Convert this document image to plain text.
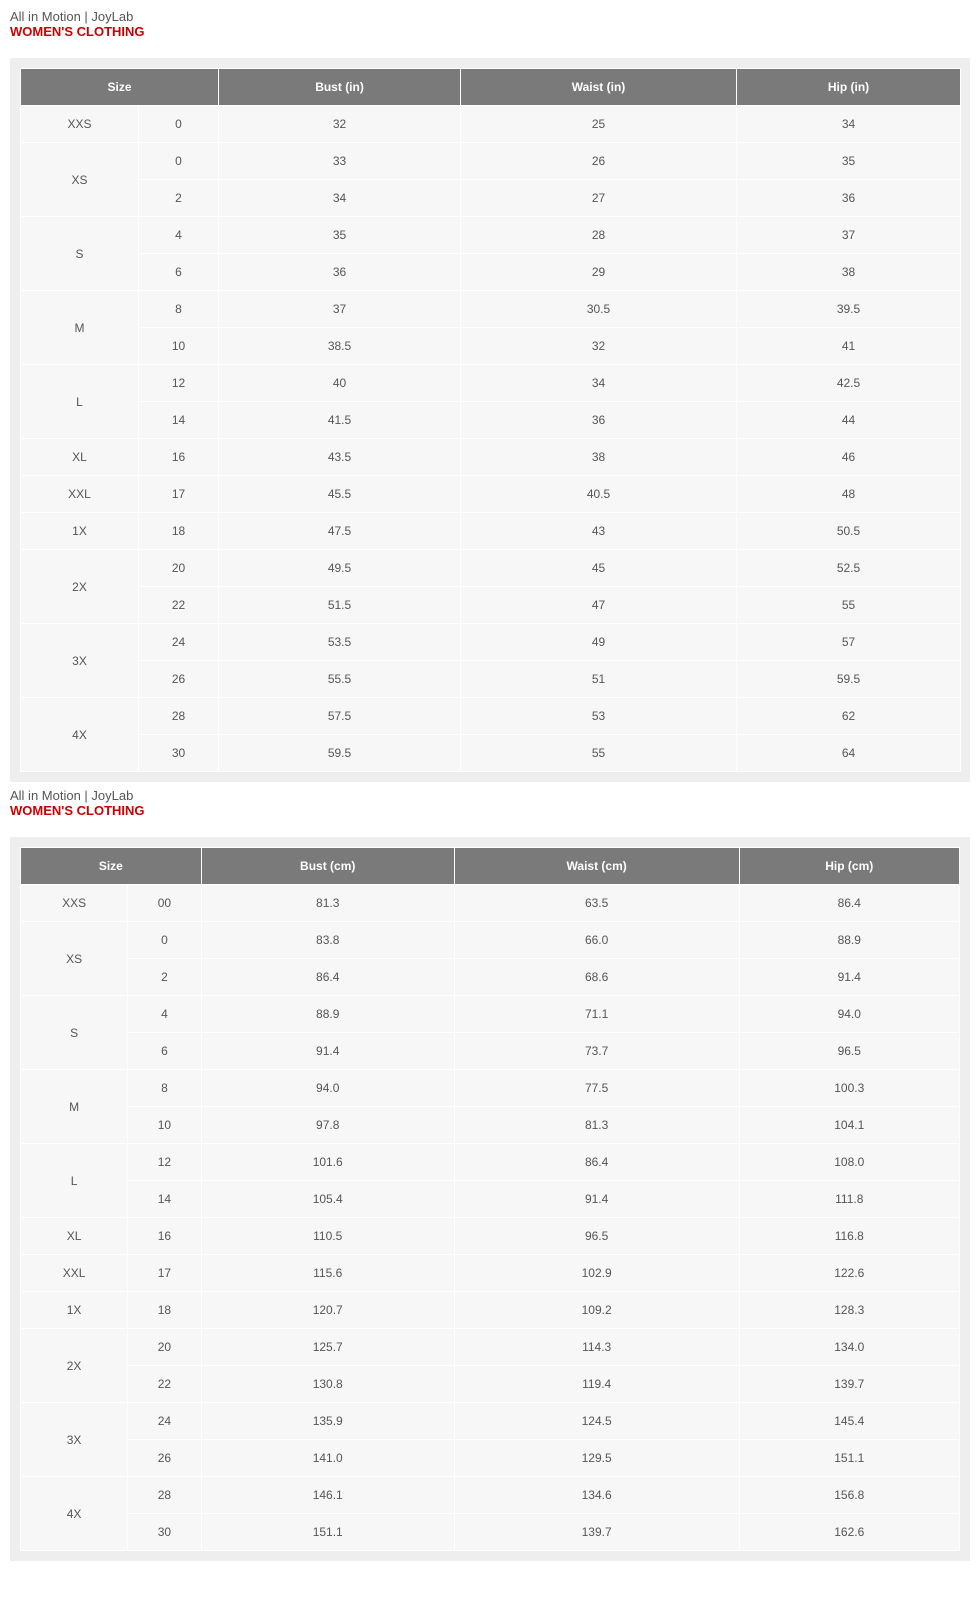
All in Motion | JoyLab
WOMEN'S CLOTHING
Size		Bust (in)	Waist (in)	Hip (in)
XXS	0	32	25	34
XS	0	33	26	35
	2	34	27	36
S	4	35	28	37
	6	36	29	38
M	8	37	30.5	39.5
	10	38.5	32	41
L	12	40	34	42.5
	14	41.5	36	44
XL	16	43.5	38	46
XXL	17	45.5	40.5	48
1X	18	47.5	43	50.5
2X	20	49.5	45	52.5
	22	51.5	47	55
3X	24	53.5	49	57
	26	55.5	51	59.5
4X	28	57.5	53	62
	30	59.5	55	64
All in Motion | JoyLab
WOMEN'S CLOTHING
Size		Bust (cm)	Waist (cm)	Hip (cm)
XXS	00	81.3	63.5	86.4
XS	0	83.8	66.0	88.9
	2	86.4	68.6	91.4
S	4	88.9	71.1	94.0
	6	91.4	73.7	96.5
M	8	94.0	77.5	100.3
	10	97.8	81.3	104.1
L	12	101.6	86.4	108.0
	14	105.4	91.4	111.8
XL	16	110.5	96.5	116.8
XXL	17	115.6	102.9	122.6
1X	18	120.7	109.2	128.3
2X	20	125.7	114.3	134.0
	22	130.8	119.4	139.7
3X	24	135.9	124.5	145.4
	26	141.0	129.5	151.1
4X	28	146.1	134.6	156.8
	30	151.1	139.7	162.6
